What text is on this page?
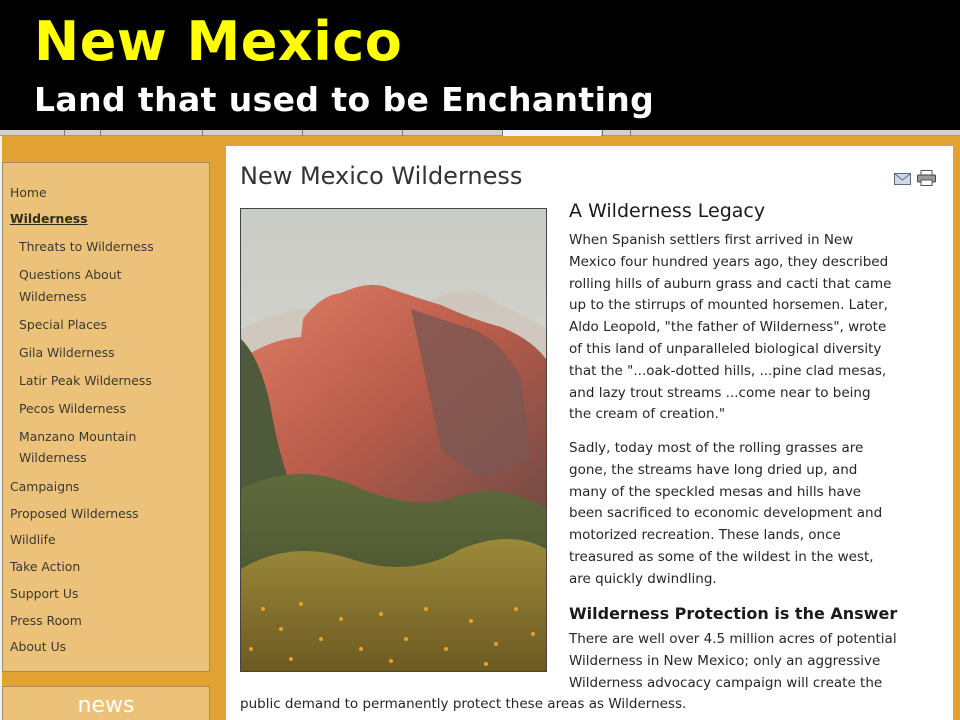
New Mexico
Land that used to be Enchanting
Home
Wilderness
Threats to Wilderness
Questions About
Wilderness
Special Places
Gila Wilderness
Latir Peak Wilderness
Pecos Wilderness
Manzano Mountain
Wilderness
Campaigns
Proposed Wilderness
Wildlife
Take Action
Support Us
Press Room
About Us
news
New Mexico Wilderness
A Wilderness Legacy
When Spanish settlers first arrived in New
Mexico four hundred years ago, they described
rolling hills of auburn grass and cacti that came
up to the stirrups of mounted horsemen. Later,
Aldo Leopold, "the father of Wilderness", wrote
of this land of unparalleled biological diversity
that the "...oak-dotted hills, ...pine clad mesas,
and lazy trout streams ...come near to being
the cream of creation."
Sadly, today most of the rolling grasses are
gone, the streams have long dried up, and
many of the speckled mesas and hills have
been sacrificed to economic development and
motorized recreation. These lands, once
treasured as some of the wildest in the west,
are quickly dwindling.
Wilderness Protection is the Answer
There are well over 4.5 million acres of potential
Wilderness in New Mexico; only an aggressive
Wilderness advocacy campaign will create the
public demand to permanently protect these areas as Wilderness.
